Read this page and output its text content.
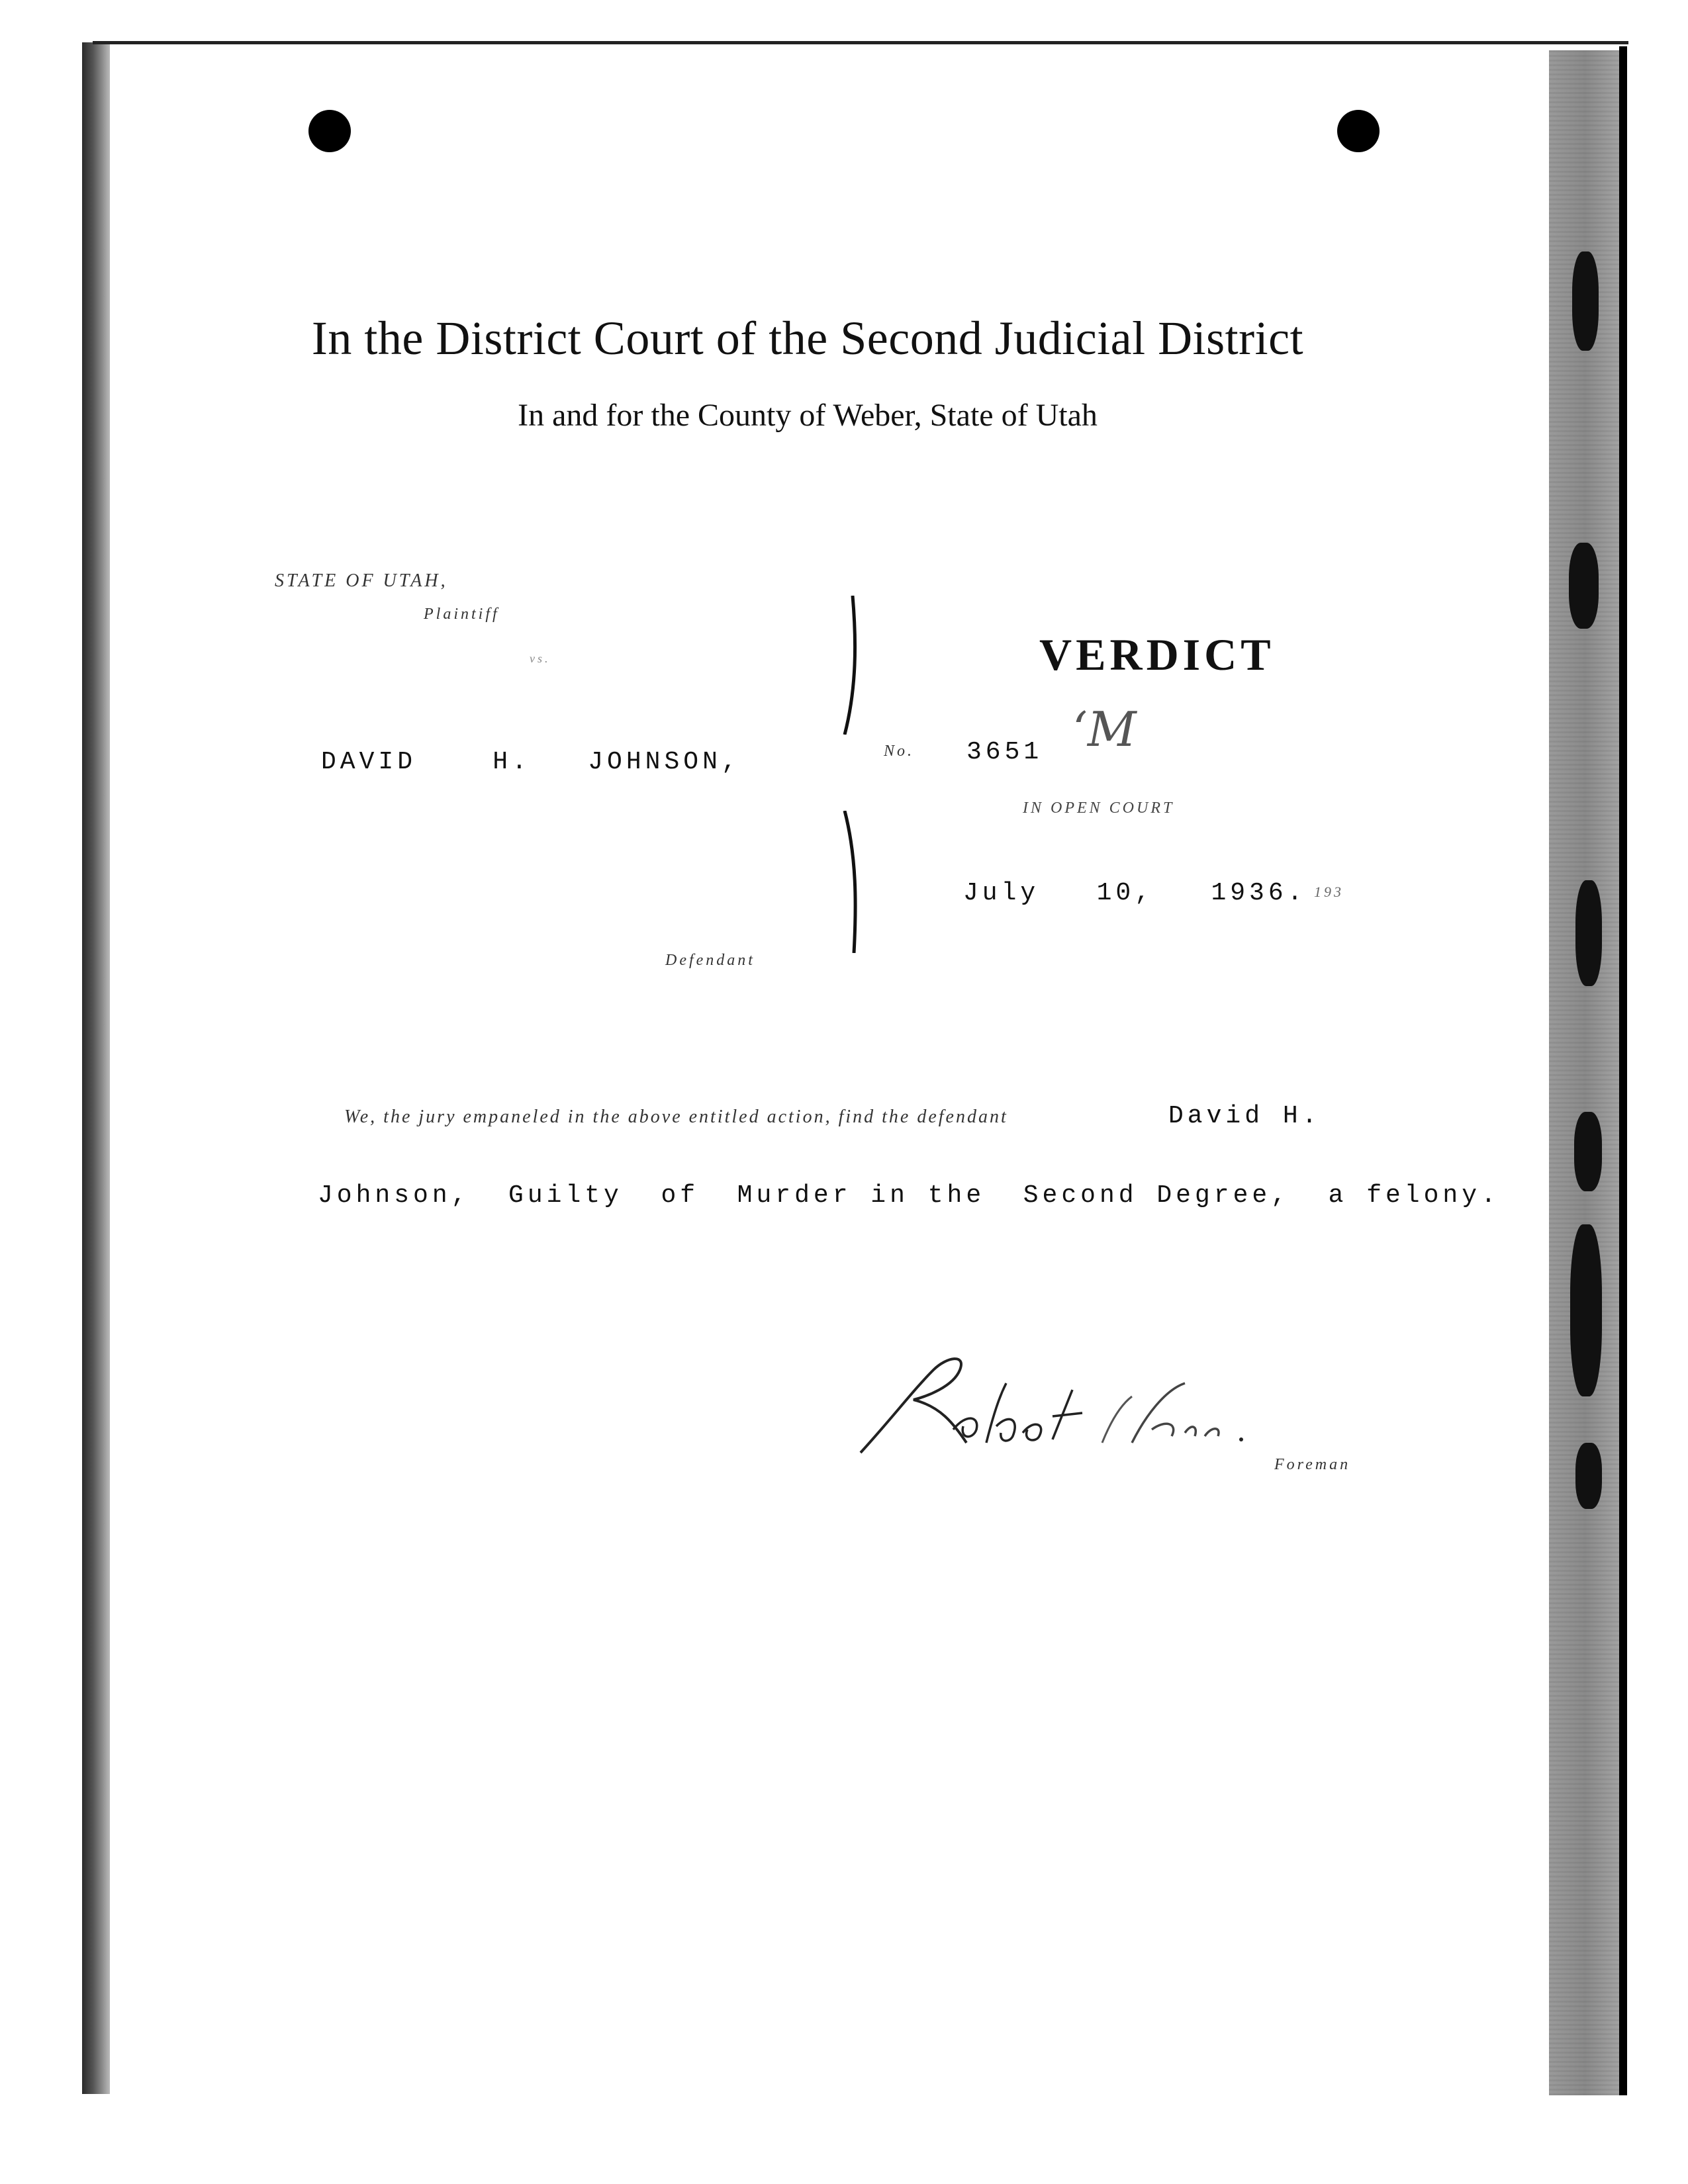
In the District Court of the Second Judicial District
In and for the County of Weber, State of Utah
STATE OF UTAH,
Plaintiff
vs.
DAVID    H.   JOHNSON,
Defendant
VERDICT
No. 3651 ‘M
IN OPEN COURT
July   10,   1936. 193
We, the jury empaneled in the above entitled action, find the defendant	David H.
Johnson,  Guilty  of  Murder in the  Second Degree,  a felony.
Foreman
